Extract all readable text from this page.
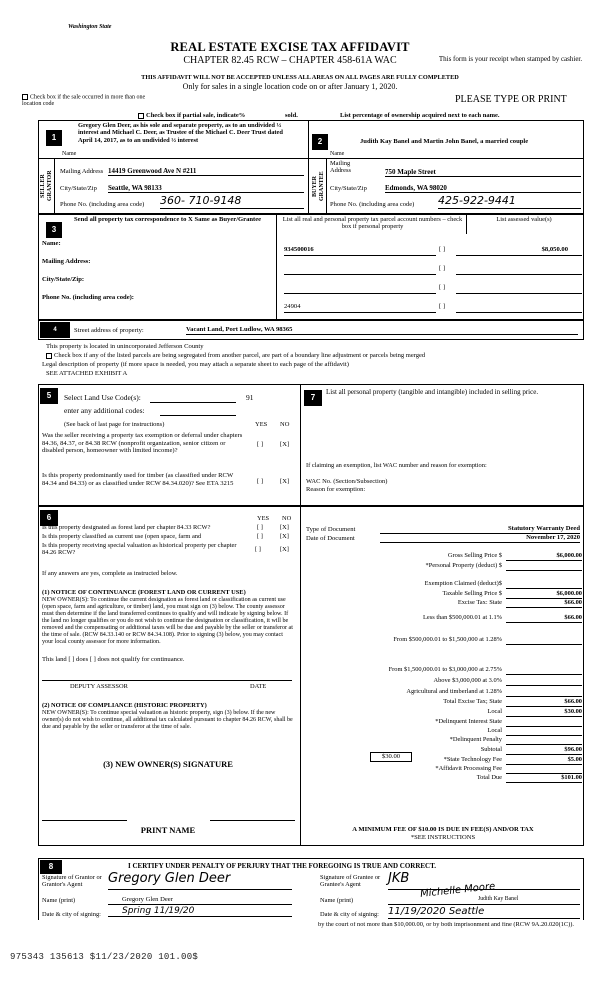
Washington State
REAL ESTATE EXCISE TAX AFFIDAVIT
CHAPTER 82.45 RCW – CHAPTER 458-61A WAC	This form is your receipt when stamped by cashier.
THIS AFFIDAVIT WILL NOT BE ACCEPTED UNLESS ALL AREAS ON ALL PAGES ARE FULLY COMPLETED
Only for sales in a single location code on or after January 1, 2020.
Check box if the sale occurred in more than one location code	PLEASE TYPE OR PRINT
Check box if partial sale, indicate%	sold.	List percentage of ownership acquired next to each name.
1
Gregory Glen Deer, as his sole and separate property, as to an undivided ½ interest and Michael C. Deer, as Trustee of the Michael C. Deer Trust dated April 14, 2017, as to an undivided ½ interest
Name
SELLER GRANTOR Mailing Address 14419 Greenwood Ave N #211
City/State/Zip Seattle, WA 98133
Phone No. (including area code) 360- 710-9148
2	Judith Kay Banel and Martin John Banel, a married couple
Name
BUYER GRANTEE
Mailing Address	750 Maple Street
City/State/Zip	Edmonds, WA 98020
Phone No. (including area code) 425-922-9441
3
Send all property tax correspondence to X Same as Buyer/Grantee
Name:
Mailing Address:
City/State/Zip:
Phone No. (including area code):
List all real and personal property tax parcel account numbers – check box if personal property
List assessed value(s)
934500016	[ ]	$8,050.00
[ ]
[ ]
24904	[ ]
4	Street address of property:	Vacant Land, Port Ludlow, WA 98365
This property is located in unincorporated Jefferson County
Check box if any of the listed parcels are being segregated from another parcel, are part of a boundary line adjustment or parcels being merged
Legal description of property (if more space is needed, you may attach a separate sheet to each page of the affidavit)
SEE ATTACHED EXHIBIT A
5	Select Land Use Code(s):	91
enter any additional codes:
(See back of last page for instructions)	YES NO
Was the seller receiving a property tax exemption or deferral under chapters 84.36, 84.37, or 84.38 RCW (nonprofit organization, senior citizen or disabled person, homeowner with limited income)?
[ ]	[X]
Is this property predominantly used for timber (as classified under RCW 84.34 and 84.33) or as classified under RCW 84.34.020)? See ETA 3215	[ ]	[X]
7
List all personal property (tangible and intangible) included in selling price.
If claiming an exemption, list WAC number and reason for exemption:
WAC No. (Section/Subsection)
Reason for exemption:
6	YES NO
Is this property designated as forest land per chapter 84.33 RCW?	[ ]	[X]
Is this property classified as current use (open space, farm and	[ ]	[X]
Is this property receiving special valuation as historical property per chapter 84.26 RCW?	[ ]	[X]
If any answers are yes, complete as instructed below.
(1) NOTICE OF CONTINUANCE (FOREST LAND OR CURRENT USE)
NEW OWNER(S): To continue the current designation as forest land or classification as current use (open space, farm and agriculture, or timber) land, you must sign on (3) below. The county assessor must then determine if the land transferred continues to qualify and will indicate by signing below. If the land no longer qualifies or you do not wish to continue the designation or classification, it will be removed and the compensating or additional taxes will be due and payable by the seller or transferor at the time of sale. (RCW 84.33.140 or RCW 84.34.108). Prior to signing (3) below, you may contact your local county assessor for more information.
This land [ ] does [ ] does not qualify for continuance.
DEPUTY ASSESSOR	DATE
(2) NOTICE OF COMPLIANCE (HISTORIC PROPERTY)
NEW OWNER(S): To continue special valuation as historic property, sign (3) below. If the new owner(s) do not wish to continue, all additional tax calculated pursuant to chapter 84.26 RCW, shall be due and payable by the seller or transferor at the time of sale.
(3) NEW OWNER(S) SIGNATURE
PRINT NAME
Type of Document	Statutory Warranty Deed
Date of Document	November 17, 2020
Gross Selling Price $	$6,000.00
*Personal Property (deduct) $
Exemption Claimed (deduct)$
Taxable Selling Price $	$6,000.00
Excise Tax: State	$66.00
Less than $500,000.01 at 1.1%	$66.00
From $500,000.01 to $1,500,000 at 1.28%
From $1,500,000.01 to $3,000,000 at 2.75%
Above $3,000,000 at 3.0%
Agricultural and timberland at 1.28%
Total Excise Tax; State	$66.00
Local	$30.00
*Delinquent Interest State
Local
*Delinquent Penalty
Subtotal	$96.00
*State Technology Fee	$5.00
*Affidavit Processing Fee
Total Due	$101.00
$30.00
A MINIMUM FEE OF $10.00 IS DUE IN FEE(S) AND/OR TAX
*SEE INSTRUCTIONS
8	I CERTIFY UNDER PENALTY OF PERJURY THAT THE FOREGOING IS TRUE AND CORRECT.
Signature of Grantor or Grantor's Agent	Gregory Glen Deer
Name (print)	Gregory Glen Deer
Date & city of signing:	Spring 11/19/20
Signature of Grantee or Grantee's Agent	JKB
Name (print)	Judith Kay Banel
Michelle Moore
Date & city of signing: 11/19/2020 Seattle
by the court of not more than $10,000.00, or by both imprisonment and fine (RCW 9A.20.020(1C)).
975343 135613 $11/23/2020 101.00$
